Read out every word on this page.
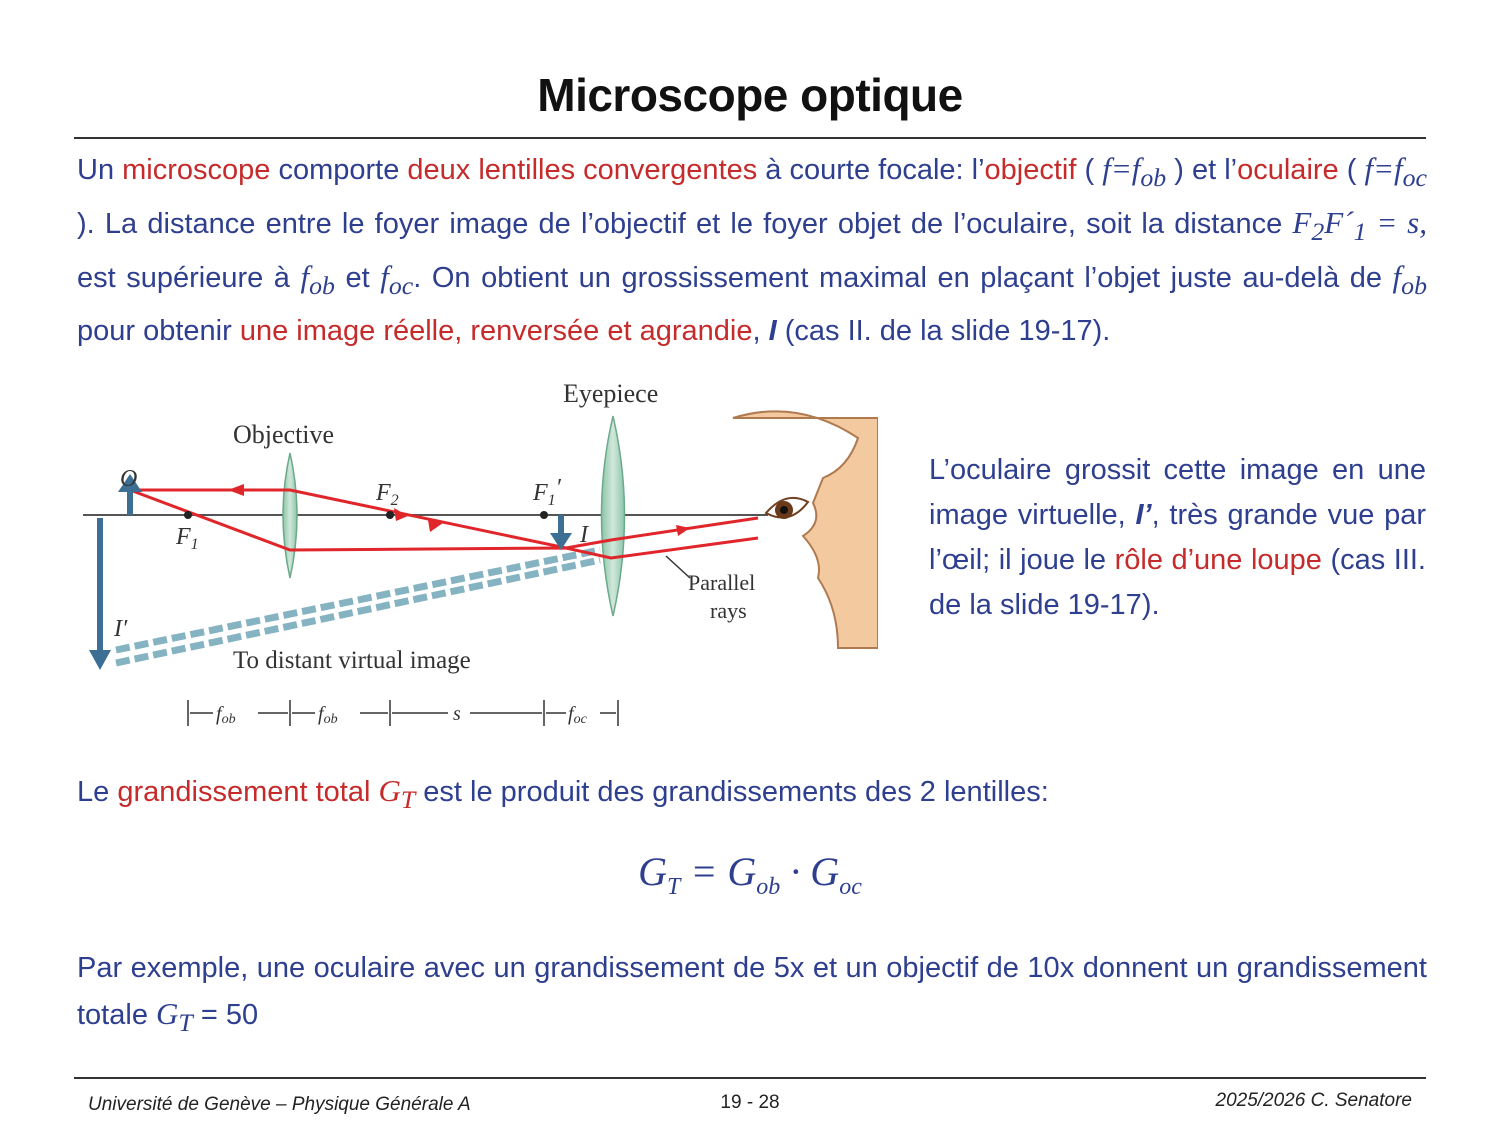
Microscope optique
Un microscope comporte deux lentilles convergentes à courte focale: l’objectif ( $f=f_{ob}$ ) et l’oculaire ( $f=f_{oc}$ ). La distance entre le foyer image de l’objectif et le foyer objet de l’oculaire, soit la distance $F_2F´_1 = s$, est supérieure à $f_{ob}$ et $f_{oc}$. On obtient un grossissement maximal en plaçant l’objet juste au-delà de $f_{ob}$ pour obtenir une image réelle, renversée et agrandie, I (cas II. de la slide 19-17).
Eyepiece
Objective
O
$F_2$	$F_1'$
$F_1$	I
I′
Parallel
rays
To distant virtual image
fob	fob	s	foc
L’oculaire grossit cette image en une image virtuelle, I’, très grande vue par l’œil; il joue le rôle d’une loupe (cas III. de la slide 19-17).
Le grandissement total $G_T$ est le produit des grandissements des 2 lentilles:
$G_T = G_{ob} \cdot G_{oc}$
Par exemple, une oculaire avec un grandissement de 5x et un objectif de 10x donnent un grandissement totale $G_T = 50$
Université de Genève – Physique Générale A	19 - 28	2025/2026 C. Senatore
